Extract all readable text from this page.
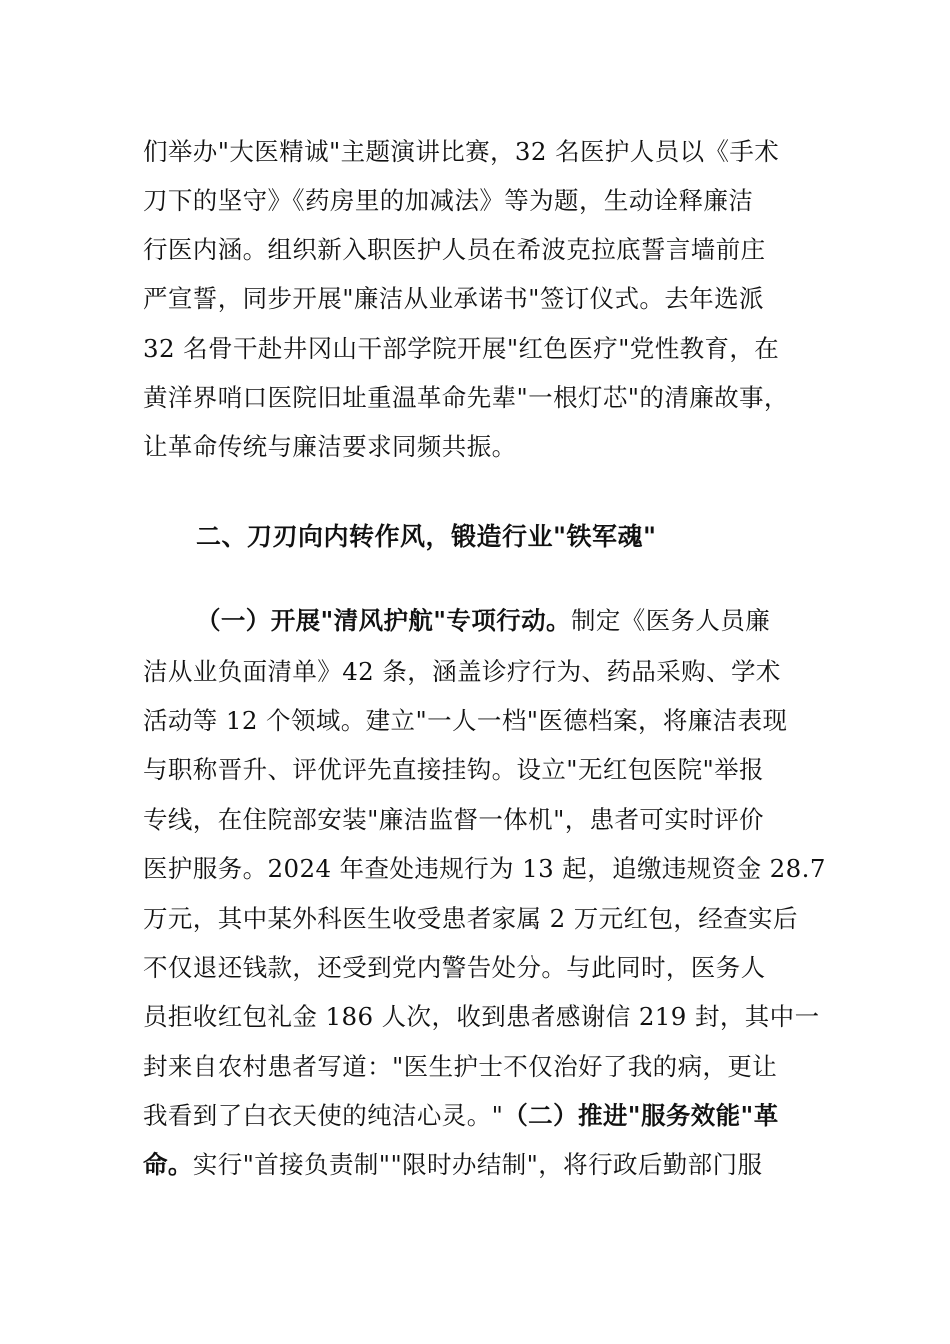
们举办"大医精诚"主题演讲比赛，32 名医护人员以《手术
刀下的坚守》《药房里的加减法》等为题，生动诠释廉洁
行医内涵。组织新入职医护人员在希波克拉底誓言墙前庄
严宣誓，同步开展"廉洁从业承诺书"签订仪式。去年选派
32 名骨干赴井冈山干部学院开展"红色医疗"党性教育，在
黄洋界哨口医院旧址重温革命先辈"一根灯芯"的清廉故事，
让革命传统与廉洁要求同频共振。
二、刀刃向内转作风，锻造行业"铁军魂"
（一）开展"清风护航"专项行动。制定《医务人员廉
洁从业负面清单》42 条，涵盖诊疗行为、药品采购、学术
活动等 12 个领域。建立"一人一档"医德档案，将廉洁表现
与职称晋升、评优评先直接挂钩。设立"无红包医院"举报
专线，在住院部安装"廉洁监督一体机"，患者可实时评价
医护服务。2024 年查处违规行为 13 起，追缴违规资金 28.7
万元，其中某外科医生收受患者家属 2 万元红包，经查实后
不仅退还钱款，还受到党内警告处分。与此同时，医务人
员拒收红包礼金 186 人次，收到患者感谢信 219 封，其中一
封来自农村患者写道："医生护士不仅治好了我的病，更让
我看到了白衣天使的纯洁心灵。"（二）推进"服务效能"革
命。实行"首接负责制""限时办结制"，将行政后勤部门服
